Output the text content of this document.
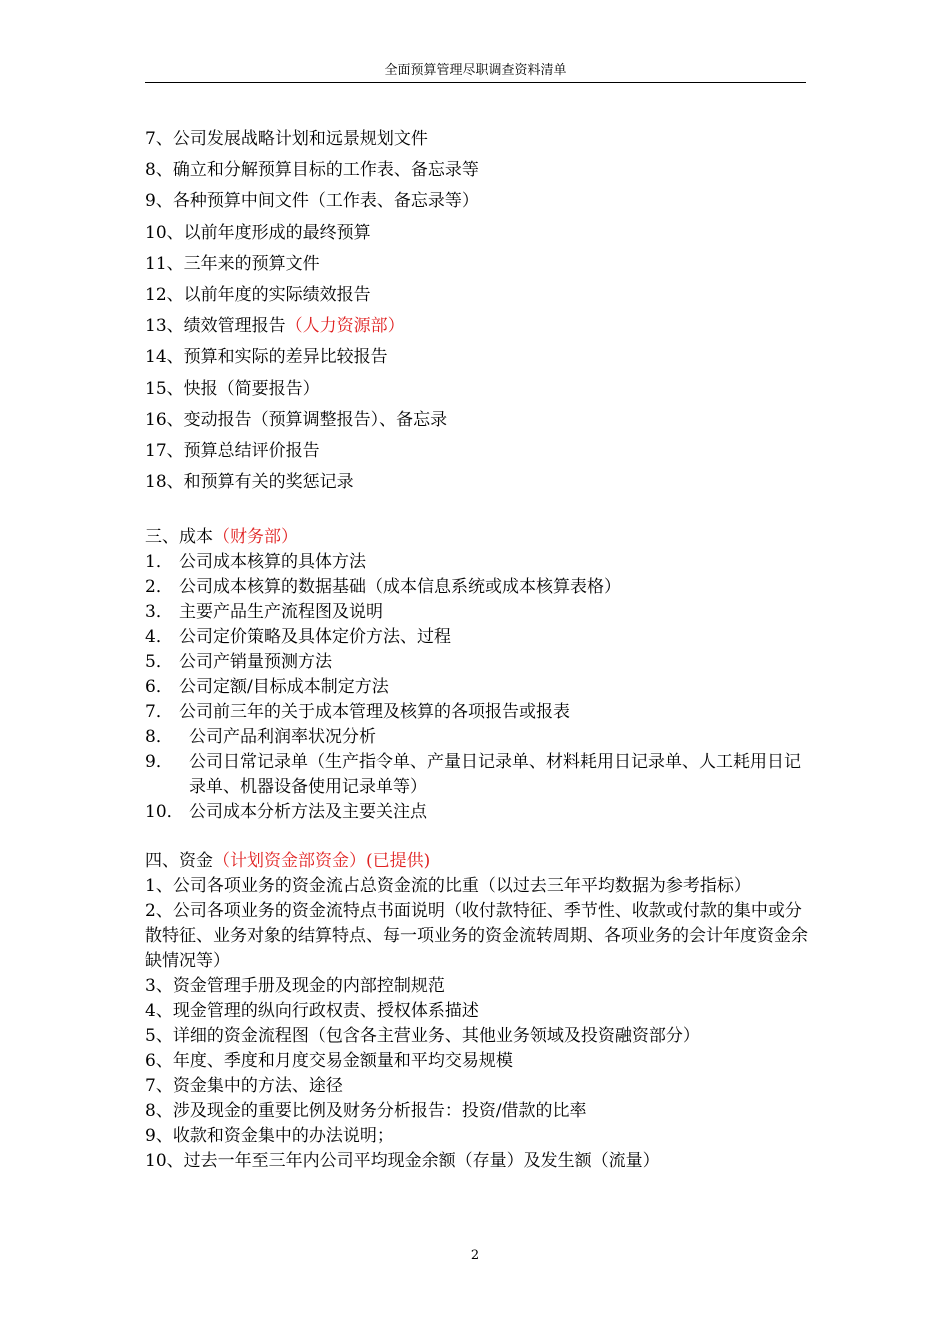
全面预算管理尽职调查资料清单
7、公司发展战略计划和远景规划文件
8、确立和分解预算目标的工作表、备忘录等
9、各种预算中间文件（工作表、备忘录等）
10、以前年度形成的最终预算
11、三年来的预算文件
12、以前年度的实际绩效报告
13、绩效管理报告（人力资源部）
14、预算和实际的差异比较报告
15、快报（简要报告）
16、变动报告（预算调整报告）、备忘录
17、预算总结评价报告
18、和预算有关的奖惩记录
三、成本（财务部）
1． 公司成本核算的具体方法
2． 公司成本核算的数据基础（成本信息系统或成本核算表格）
3． 主要产品生产流程图及说明
4． 公司定价策略及具体定价方法、过程
5． 公司产销量预测方法
6． 公司定额/目标成本制定方法
7． 公司前三年的关于成本管理及核算的各项报告或报表
8． 公司产品利润率状况分析
9． 公司日常记录单（生产指令单、产量日记录单、材料耗用日记录单、人工耗用日记录单、机器设备使用记录单等）
10． 公司成本分析方法及主要关注点
四、资金（计划资金部资金）(已提供)
1、公司各项业务的资金流占总资金流的比重（以过去三年平均数据为参考指标）
2、公司各项业务的资金流特点书面说明（收付款特征、季节性、收款或付款的集中或分散特征、业务对象的结算特点、每一项业务的资金流转周期、各项业务的会计年度资金余缺情况等）
3、资金管理手册及现金的内部控制规范
4、现金管理的纵向行政权责、授权体系描述
5、详细的资金流程图（包含各主营业务、其他业务领域及投资融资部分）
6、年度、季度和月度交易金额量和平均交易规模
7、资金集中的方法、途径
8、涉及现金的重要比例及财务分析报告：投资/借款的比率
9、收款和资金集中的办法说明；
10、过去一年至三年内公司平均现金余额（存量）及发生额（流量）
2
